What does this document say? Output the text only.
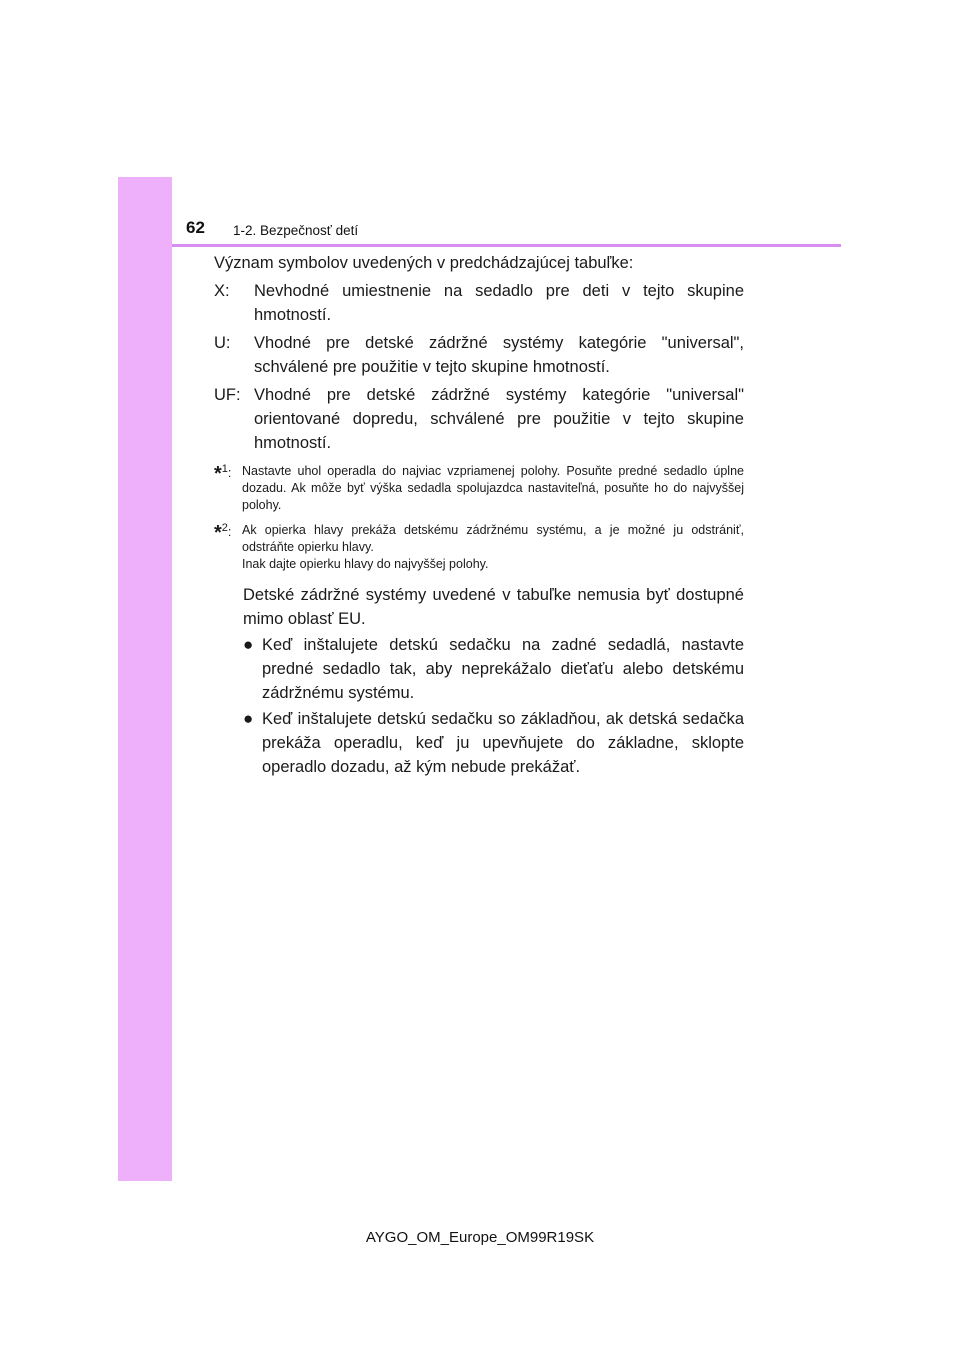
62 1-2. Bezpečnosť detí

Význam symbolov uvedených v predchádzajúcej tabuľke:

X:	Nevhodné umiestnenie na sedadlo pre deti v tejto skupine hmotností.
U:	Vhodné pre detské zádržné systémy kategórie "universal", schválené pre použitie v tejto skupine hmotností.
UF: Vhodné pre detské zádržné systémy kategórie "universal" orientované dopredu, schválené pre použitie v tejto skupine hmotností.
*$^1$: Nastavte uhol operadla do najviac vzpriamenej polohy. Posuňte predné sedadlo úplne dozadu. Ak môže byť výška sedadla spolujazdca nastaviteľná, posuňte ho do najvyššej polohy.
*$^2$: Ak opierka hlavy prekáža detskému zádržnému systému, a je možné ju odstrániť, odstráňte opierku hlavy.
Inak dajte opierku hlavy do najvyššej polohy.

Detské zádržné systémy uvedené v tabuľke nemusia byť dostupné mimo oblasť EU.

● Keď inštalujete detskú sedačku na zadné sedadlá, nastavte predné sedadlo tak, aby neprekážalo dieťaťu alebo detskému zádržnému systému.
● Keď inštalujete detskú sedačku so základňou, ak detská sedačka prekáža operadlu, keď ju upevňujete do základne, sklopte operadlo dozadu, až kým nebude prekážať.
AYGO_OM_Europe_OM99R19SK
